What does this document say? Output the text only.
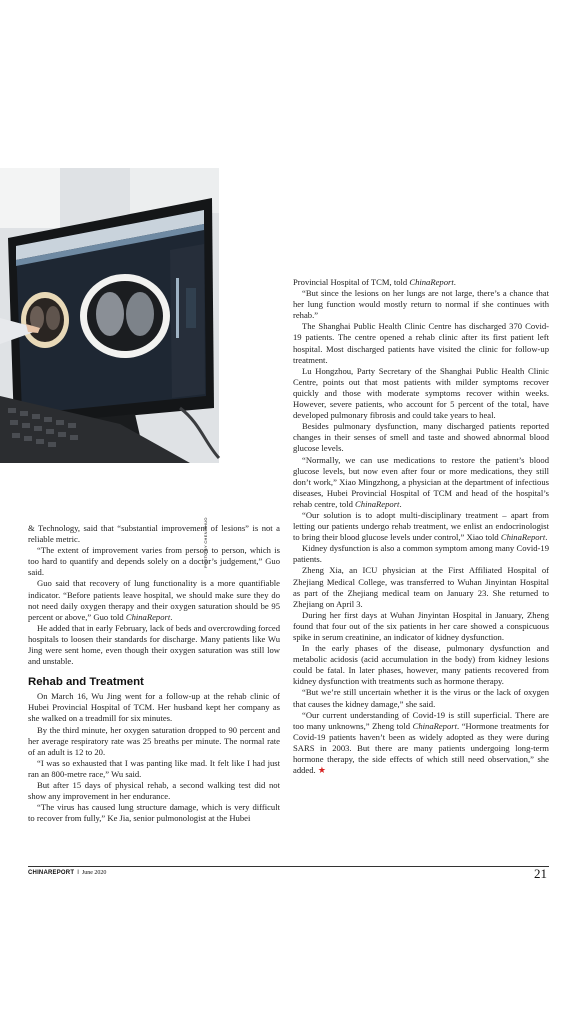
PHOTO BY CHEN ZHUO

& Technology, said that “substantial improvement of lesions” is not a reliable metric.

“The extent of improvement varies from person to person, which is too hard to quantify and depends solely on a doctor’s judgement,” Guo said.

Guo said that recovery of lung functionality is a more quantifiable indicator. “Before patients leave hospital, we should make sure they do not need daily oxygen therapy and their oxygen saturation should be 95 percent or above,” Guo told ChinaReport.

He added that in early February, lack of beds and overcrowding forced hospitals to loosen their standards for discharge. Many patients like Wu Jing were sent home, even though their oxygen saturation was still low and unstable.

Rehab and Treatment

On March 16, Wu Jing went for a follow-up at the rehab clinic of Hubei Provincial Hospital of TCM. Her husband kept her company as she walked on a treadmill for six minutes.

By the third minute, her oxygen saturation dropped to 90 percent and her average respiratory rate was 25 breaths per minute. The normal rate of an adult is 12 to 20.

“I was so exhausted that I was panting like mad. It felt like I had just ran an 800-metre race,” Wu said.

But after 15 days of physical rehab, a second walking test did not show any improvement in her endurance.

“The virus has caused lung structure damage, which is very difficult to recover from fully,” Ke Jia, senior pulmonologist at the Hubei

Provincial Hospital of TCM, told ChinaReport.

“But since the lesions on her lungs are not large, there’s a chance that her lung function would mostly return to normal if she continues with rehab.”

The Shanghai Public Health Clinic Centre has discharged 370 Covid-19 patients. The centre opened a rehab clinic after its first patient left hospital. Most discharged patients have visited the clinic for follow-up treatment.

Lu Hongzhou, Party Secretary of the Shanghai Public Health Clinic Centre, points out that most patients with milder symptoms recover quickly and those with moderate symptoms recover within weeks. However, severe patients, who account for 5 percent of the total, have developed pulmonary fibrosis and could take years to heal.

Besides pulmonary dysfunction, many discharged patients reported changes in their senses of smell and taste and showed abnormal blood glucose levels.

“Normally, we can use medications to restore the patient’s blood glucose levels, but now even after four or more medications, they still don’t work,” Xiao Mingzhong, a physician at the department of infectious diseases, Hubei Provincial Hospital of TCM and head of the hospital’s rehab centre, told ChinaReport.

“Our solution is to adopt multi-disciplinary treatment – apart from letting our patients undergo rehab treatment, we enlist an endocrinologist to bring their blood glucose levels under control,” Xiao told ChinaReport.

Kidney dysfunction is also a common symptom among many Covid-19 patients.

Zheng Xia, an ICU physician at the First Affiliated Hospital of Zhejiang Medical College, was transferred to Wuhan Jinyintan Hospital as part of the Zhejiang medical team on January 23. She returned to Zhejiang on April 3.

During her first days at Wuhan Jinyintan Hospital in January, Zheng found that four out of the six patients in her care showed a conspicuous spike in serum creatinine, an indicator of kidney dysfunction.

In the early phases of the disease, pulmonary dysfunction and metabolic acidosis (acid accumulation in the body) from kidney lesions could be fatal. In later phases, however, many patients recovered from kidney dysfunction with treatments such as hormone therapy.

“But we’re still uncertain whether it is the virus or the lack of oxygen that causes the kidney damage,” she said.

“Our current understanding of Covid-19 is still superficial. There are too many unknowns,” Zheng told ChinaReport. “Hormone treatments for Covid-19 patients haven’t been as widely adopted as they were during SARS in 2003. But there are many patients undergoing long-term hormone therapy, the side effects of which still need observation,” she added. ★

CHINAREPORT I June 2020	21
